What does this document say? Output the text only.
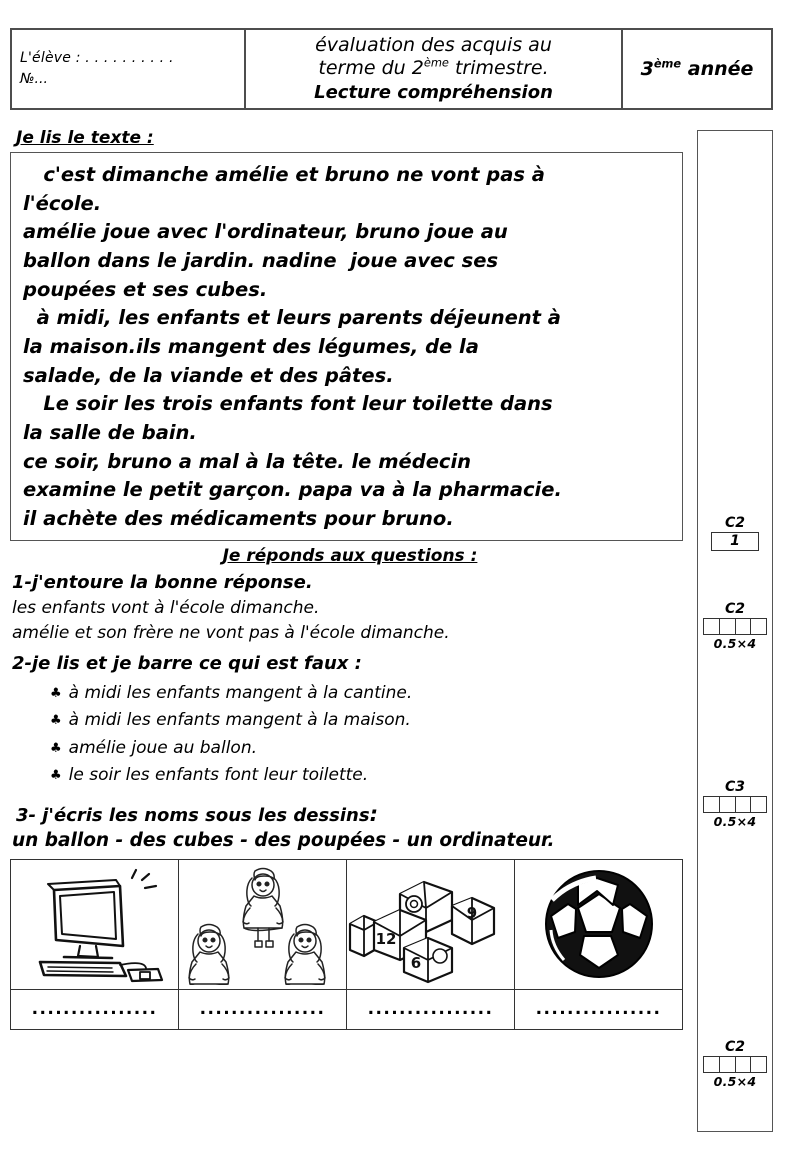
L'élève : . . . . . . . . . .
№...
évaluation des acquis au
terme du 2ème trimestre.
Lecture compréhension
3ème année
Je lis le texte :
c'est dimanche amélie et bruno ne vont pas à
l'école.
amélie joue avec l'ordinateur, bruno joue au
ballon dans le jardin. nadine  joue avec ses
poupées et ses cubes.
à midi, les enfants et leurs parents déjeunent à
la maison.ils mangent des légumes, de la
salade, de la viande et des pâtes.
Le soir les trois enfants font leur toilette dans
la salle de bain.
ce soir, bruno a mal à la tête. le médecin
examine le petit garçon. papa va à la pharmacie.
il achète des médicaments pour bruno.
Je réponds aux questions :
1-j'entoure la bonne réponse.
les enfants vont à l'école dimanche.
amélie et son frère ne vont pas à l'école dimanche.
2-je lis et je barre ce qui est faux :
♣ à midi les enfants mangent à la cantine.
♣ à midi les enfants mangent à la maison.
♣ amélie joue au ballon.
♣ le soir les enfants font leur toilette.
3- j'écris les noms sous les dessins:
un ballon - des cubes - des poupées - un ordinateur.

9
12
6

................	................	................	................
C2
1
C2
0.5×4
C3
0.5×4
C2
0.5×4
